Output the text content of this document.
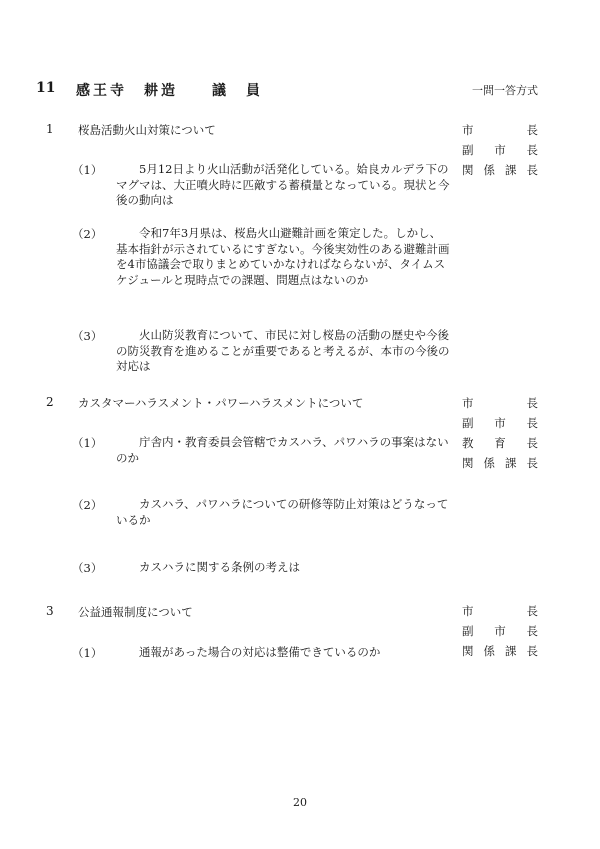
11 感王寺　耕造　　議　員	一問一答方式
1 桜島活動火山対策について	市 長
副 市 長
関 係 課 長
（1）	5月12日より火山活動が活発化している。姶良カルデラ下のマグマは、大正噴火時に匹敵する蓄積量となっている。現状と今後の動向は
（2）	令和7年3月県は、桜島火山避難計画を策定した。しかし、基本指針が示されているにすぎない。今後実効性のある避難計画を4市協議会で取りまとめていかなければならないが、タイムスケジュールと現時点での課題、問題点はないのか
（3）	火山防災教育について、市民に対し桜島の活動の歴史や今後の防災教育を進めることが重要であると考えるが、本市の今後の対応は
2 カスタマーハラスメント・パワーハラスメントについて	市 長
副 市 長
教 育 長
関 係 課 長
（1）	庁舎内・教育委員会管轄でカスハラ、パワハラの事案はないのか
（2）	カスハラ、パワハラについての研修等防止対策はどうなっているか
（3）	カスハラに関する条例の考えは
3 公益通報制度について	市 長
副 市 長
関 係 課 長
（1）	通報があった場合の対応は整備できているのか
20
